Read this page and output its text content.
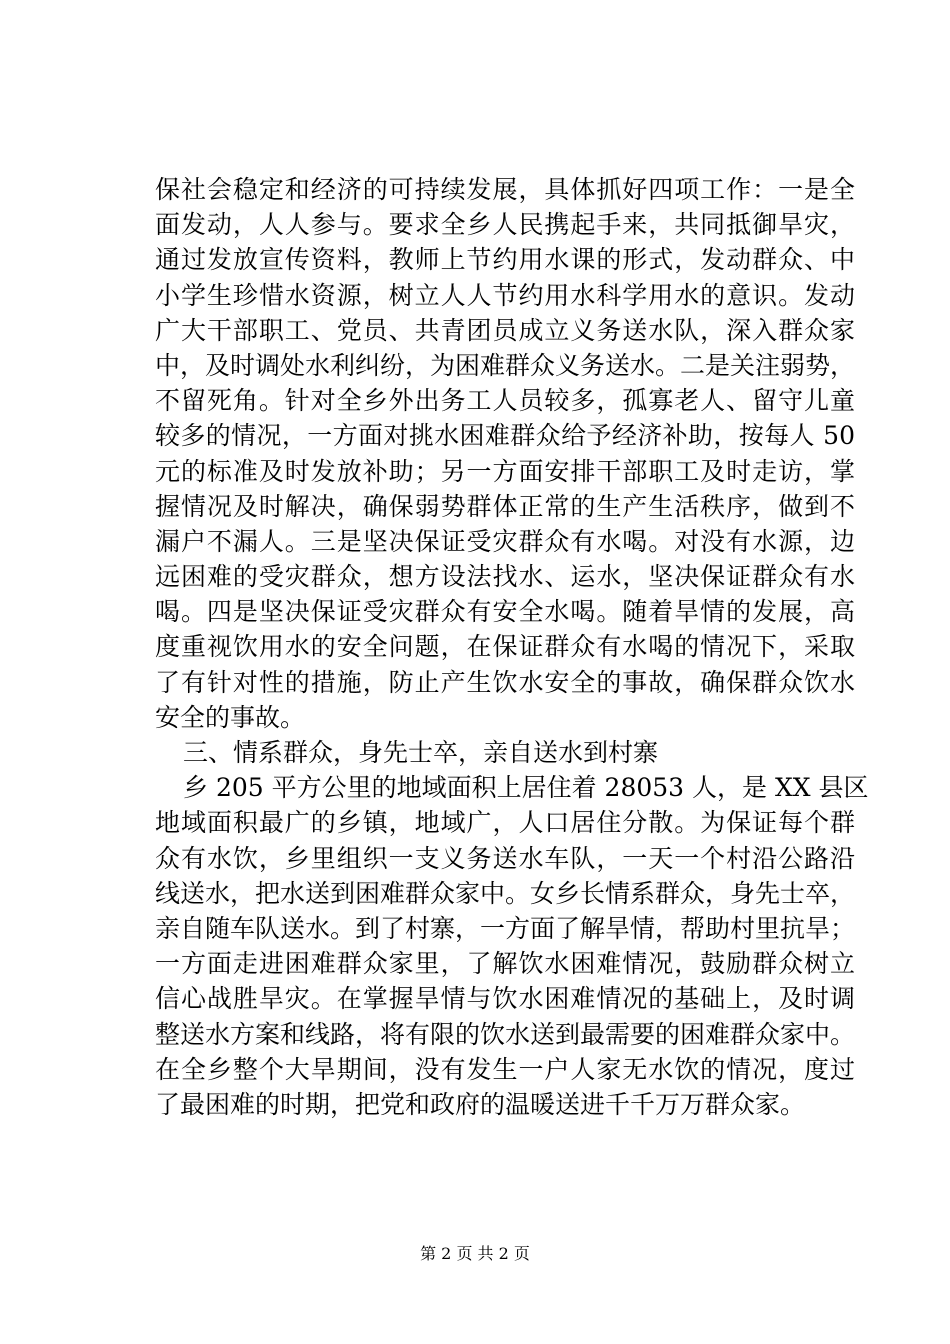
保社会稳定和经济的可持续发展，具体抓好四项工作：一是全
面发动，人人参与。要求全乡人民携起手来，共同抵御旱灾，
通过发放宣传资料，教师上节约用水课的形式，发动群众、中
小学生珍惜水资源，树立人人节约用水科学用水的意识。发动
广大干部职工、党员、共青团员成立义务送水队，深入群众家
中，及时调处水利纠纷，为困难群众义务送水。二是关注弱势，
不留死角。针对全乡外出务工人员较多，孤寡老人、留守儿童
较多的情况，一方面对挑水困难群众给予经济补助，按每人 50
元的标准及时发放补助；另一方面安排干部职工及时走访，掌
握情况及时解决，确保弱势群体正常的生产生活秩序，做到不
漏户不漏人。三是坚决保证受灾群众有水喝。对没有水源，边
远困难的受灾群众，想方设法找水、运水，坚决保证群众有水
喝。四是坚决保证受灾群众有安全水喝。随着旱情的发展，高
度重视饮用水的安全问题，在保证群众有水喝的情况下，采取
了有针对性的措施，防止产生饮水安全的事故，确保群众饮水
安全的事故。
三、情系群众，身先士卒，亲自送水到村寨
乡 205 平方公里的地域面积上居住着 28053 人，是 XX 县区
地域面积最广的乡镇，地域广，人口居住分散。为保证每个群
众有水饮，乡里组织一支义务送水车队，一天一个村沿公路沿
线送水，把水送到困难群众家中。女乡长情系群众，身先士卒，
亲自随车队送水。到了村寨，一方面了解旱情，帮助村里抗旱；
一方面走进困难群众家里，了解饮水困难情况，鼓励群众树立
信心战胜旱灾。在掌握旱情与饮水困难情况的基础上，及时调
整送水方案和线路，将有限的饮水送到最需要的困难群众家中。
在全乡整个大旱期间，没有发生一户人家无水饮的情况，度过
了最困难的时期，把党和政府的温暖送进千千万万群众家。
第 2 页 共 2 页
